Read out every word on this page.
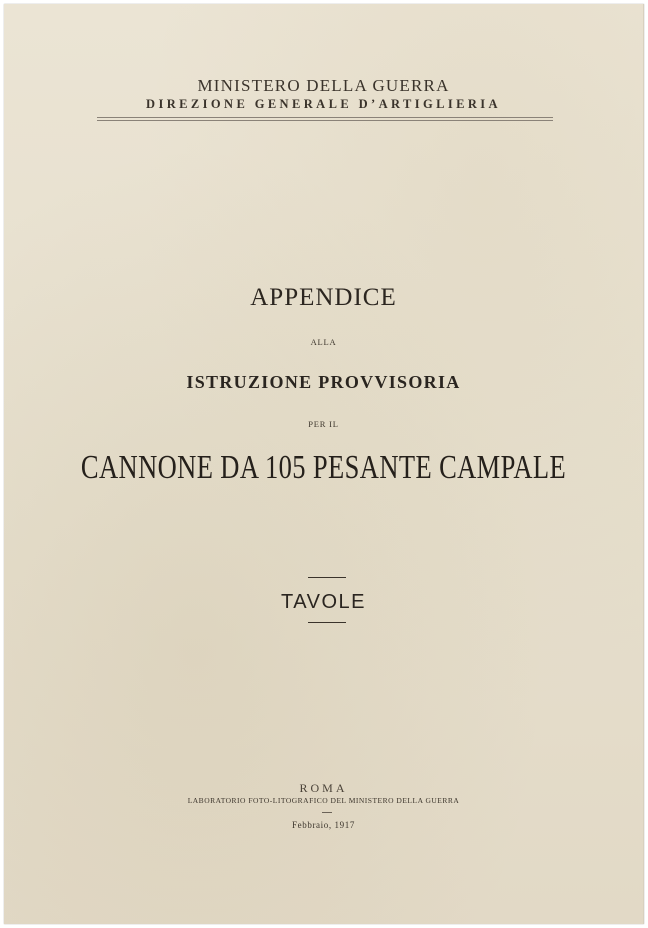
MINISTERO DELLA GUERRA
DIREZIONE GENERALE D’ARTIGLIERIA
APPENDICE
ALLA
ISTRUZIONE PROVVISORIA
PER IL
CANNONE DA 105 PESANTE CAMPALE
TAVOLE
ROMA
LABORATORIO FOTO-LITOGRAFICO DEL MINISTERO DELLA GUERRA
Febbraio, 1917
